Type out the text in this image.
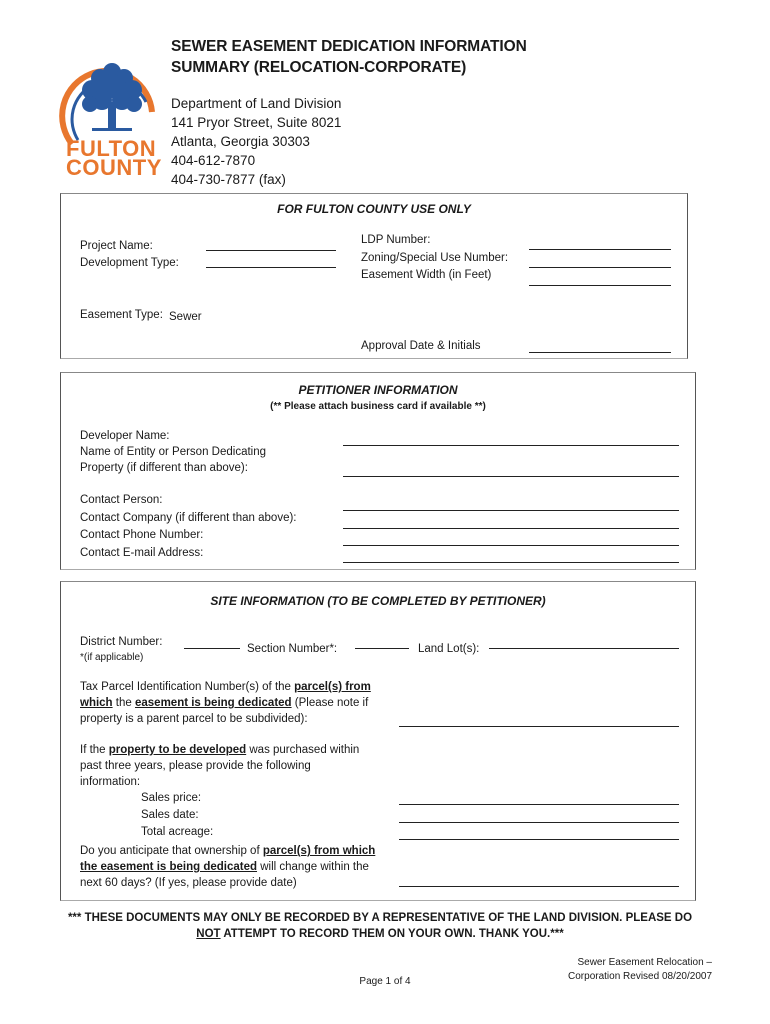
FULTON
COUNTY
SEWER EASEMENT DEDICATION INFORMATION
SUMMARY (RELOCATION-CORPORATE)
Department of Land Division
141 Pryor Street, Suite 8021
Atlanta, Georgia 30303
404-612-7870
404-730-7877 (fax)
FOR FULTON COUNTY USE ONLY
Project Name:
Development Type:
LDP Number:
Zoning/Special Use Number:
Easement Width (in Feet)
Easement Type: Sewer
Approval Date & Initials
PETITIONER INFORMATION
(** Please attach business card if available **)
Developer Name:
Name of Entity or Person Dedicating
Property (if different than above):
Contact Person:
Contact Company (if different than above):
Contact Phone Number:
Contact E-mail Address:
SITE INFORMATION (TO BE COMPLETED BY PETITIONER)
District Number:
*(if applicable)
Section Number*:	Land Lot(s):
Tax Parcel Identification Number(s) of the parcel(s) from
which the easement is being dedicated (Please note if
property is a parent parcel to be subdivided):
If the property to be developed was purchased within
past three years, please provide the following
information:
Sales price:
Sales date:
Total acreage:
Do you anticipate that ownership of parcel(s) from which
the easement is being dedicated will change within the
next 60 days? (If yes, please provide date)
*** THESE DOCUMENTS MAY ONLY BE RECORDED BY A REPRESENTATIVE OF THE LAND DIVISION. PLEASE DO
NOT ATTEMPT TO RECORD THEM ON YOUR OWN. THANK YOU.***
Sewer Easement Relocation –
Corporation Revised 08/20/2007
Page 1 of 4
